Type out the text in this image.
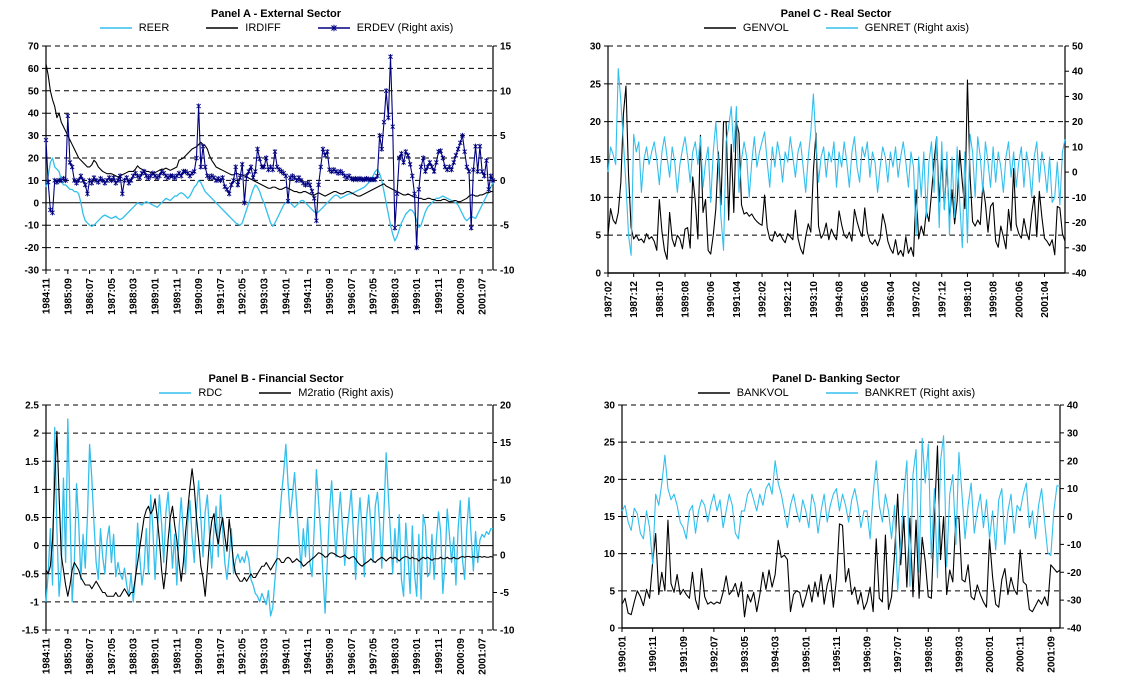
Panel A - External Sector
REER	IRDIFF	ERDEV (Right axis)
70
60
50
40
30
20
10
0
-10
-20
-30
15
10
5
0
-5
-10
1984:11 1985:09 1986:07 1987:05 1988:03 1989:01 1989:11 1990:09 1991:07 1992:05 1993:03 1994:01 1994:11 1995:09 1996:07 1997:05 1998:03 1999:01 1999:11 2000:09 2001:07
Panel C - Real Sector
GENVOL	GENRET (Right axis)
30
25
20
15
10
5
0
50
40
30
20
10
0
-10
-20
-30
-40
1987:02 1987:12 1988:10 1989:08 1990:06 1991:04 1992:02 1992:12 1993:10 1994:08 1995:06 1996:04 1997:02 1997:12 1998:10 1999:08 2000:06 2001:04
Panel B - Financial Sector
RDC	M2ratio (Right axis)
2.5
2
1.5
1
0.5
0
-0.5
-1
-1.5
20
15
10
5
0
-5
-10
1984:11 1985:09 1986:07 1987:05 1988:03 1989:01 1989:11 1990:09 1991:07 1992:05 1993:03 1994:01 1994:11 1995:09 1996:07 1997:05 1998:03 1999:01 1999:11 2000:09 2001:07
Panel D- Banking Sector
BANKVOL	BANKRET (Right axis)
30
25
20
15
10
5
0
40
30
20
10
0
-10
-20
-30
-40
1990:01 1990:11 1991:09 1992:07 1993:05 1994:03 1995:01 1995:11 1996:09 1997:07 1998:05 1999:03 2000:01 2000:11 2001:09
